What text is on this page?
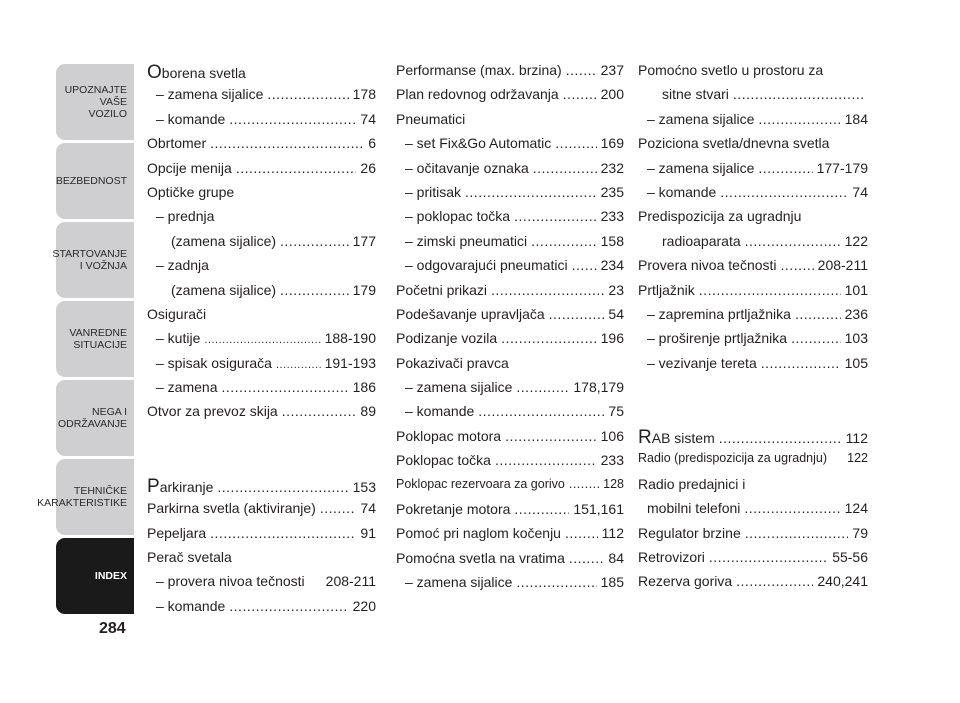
UPOZNAJTE
VAŠE VOZILO
BEZBEDNOST
STARTOVANJE
I VOŽNJA
VANREDNE
SITUACIJE
NEGA I
ODRŽAVANJE
TEHNIČKE
KARAKTERISTIKE
INDEX
284
Oborena svetla
– zamena sijalice .....	178
– komande .....	74
Obrtomer .....	6
Opcije menija .....	26
Optičke grupe
– prednja
(zamena sijalice) .....	177
– zadnja
(zamena sijalice) .....	179
Osigurači
– kutije .....	188-190
– spisak osigurača .....	191-193
– zamena .....	186
Otvor za prevoz skija .....	89
Parkiranje .....	153
Parkirna svetla (aktiviranje) .....	74
Pepeljara .....	91
Perač svetala
– provera nivoa tečnosti 208-211
– komande .....	220
Performanse (max. brzina) .....	237
Plan redovnog održavanja .....	200
Pneumatici
– set Fix&Go Automatic .....	169
– očitavanje oznaka .....	232
– pritisak .....	235
– poklopac točka .....	233
– zimski pneumatici .....	158
– odgovarajući pneumatici ..... 234
Početni prikazi .....	23
Podešavanje upravljača .....	54
Podizanje vozila .....	196
Pokazivači pravca
– zamena sijalice .....	178,179
– komande .....	75
Poklopac motora .....	106
Poklopac točka .....	233
Poklopac rezervoara za gorivo .....	128
Pokretanje motora .....	151,161
Pomoć pri naglom kočenju .....	112
Pomoćna svetla na vratima .....	84
– zamena sijalice .....	185
Pomoćno svetlo u prostoru za
sitne stvari
.....
– zamena sijalice .....	184
Poziciona svetla/dnevna svetla
– zamena sijalice .....	177-179
– komande .....	74
Predispozicija za ugradnju
radioaparata .....	122
Provera nivoa tečnosti .....	208-211
Prtljažnik .....	101
– zapremina prtljažnika .....	236
– proširenje prtljažnika .....	103
– vezivanje tereta .....	105
RAB sistem .....	112
Radio (predispozicija za ugradnju) 122
Radio predajnici i
mobilni telefoni .....	124
Regulator brzine .....	79
Retrovizori .....	55-56
Rezerva goriva .....	240,241
